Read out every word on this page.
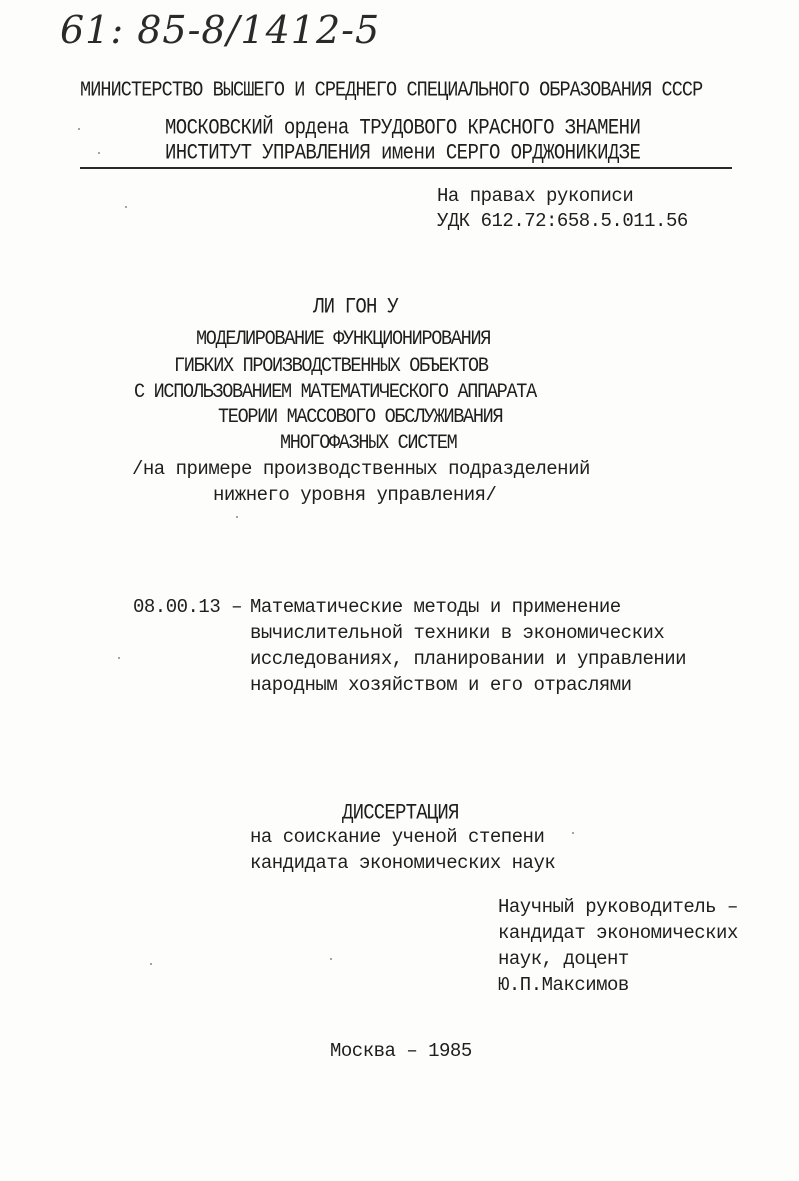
61: 85-8/1412-5
МИНИСТЕРСТВО ВЫСШЕГО И СРЕДНЕГО СПЕЦИАЛЬНОГО ОБРАЗОВАНИЯ СССР
МОСКОВСКИЙ ордена ТРУДОВОГО КРАСНОГО ЗНАМЕНИ
ИНСТИТУТ УПРАВЛЕНИЯ имени СЕРГО ОРДЖОНИКИДЗЕ
На правах рукописи
УДК 612.72:658.5.011.56
ЛИ ГОН У
МОДЕЛИРОВАНИЕ ФУНКЦИОНИРОВАНИЯ
ГИБКИХ ПРОИЗВОДСТВЕННЫХ ОБЪЕКТОВ
С ИСПОЛЬЗОВАНИЕМ МАТЕМАТИЧЕСКОГО АППАРАТА
ТЕОРИИ МАССОВОГО ОБСЛУЖИВАНИЯ
МНОГОФАЗНЫХ СИСТЕМ
/на примере производственных подразделений
нижнего уровня управления/
08.00.13 – Математические методы и применение
вычислительной техники в экономических
исследованиях, планировании и управлении
народным хозяйством и его отраслями
ДИССЕРТАЦИЯ
на соискание ученой степени
кандидата экономических наук
Научный руководитель –
кандидат экономических
наук, доцент
Ю.П.Максимов
Москва – 1985
